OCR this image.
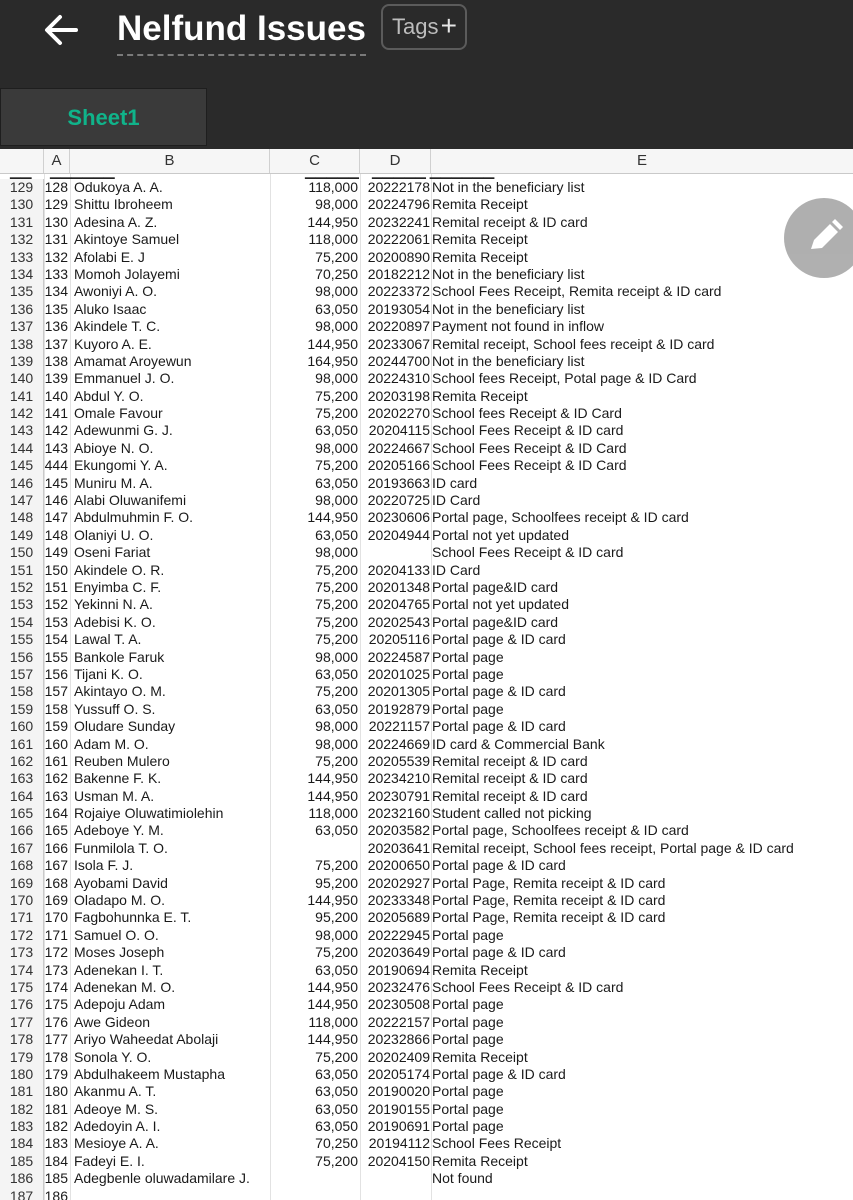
Nelfund Issues	Tags +
Sheet1
A	B	C	D	E
129 128 Odukoya A. A.	118,000 20222178 Not in the beneficiary list
130 129 Shittu Ibroheem	98,000 20224796 Remita Receipt
131 130 Adesina A. Z.	144,950 20232241 Remital receipt & ID card
132 131 Akintoye Samuel	118,000 20222061 Remita Receipt
133 132 Afolabi E. J	75,200 20200890 Remita Receipt
134 133 Momoh Jolayemi	70,250 20182212 Not in the beneficiary list
135 134 Awoniyi A. O.	98,000 20223372 School Fees Receipt, Remita receipt & ID card
136 135 Aluko Isaac	63,050 20193054 Not in the beneficiary list
137 136 Akindele T. C.	98,000 20220897 Payment not found in inflow
138 137 Kuyoro A. E.	144,950 20233067 Remital receipt, School fees receipt & ID card
139 138 Amamat Aroyewun	164,950 20244700 Not in the beneficiary list
140 139 Emmanuel J. O.	98,000 20224310 School fees Receipt, Potal page & ID Card
141 140 Abdul Y. O.	75,200 20203198 Remita Receipt
142 141 Omale Favour	75,200 20202270 School fees Receipt & ID Card
143 142 Adewunmi G. J.	63,050 20204115 School Fees Receipt & ID card
144 143 Abioye N. O.	98,000 20224667 School Fees Receipt & ID Card
145 444 Ekungomi Y. A.	75,200 20205166 School Fees Receipt & ID Card
146 145 Muniru M. A.	63,050 20193663 ID card
147 146 Alabi Oluwanifemi	98,000 20220725 ID Card
148 147 Abdulmuhmin F. O.	144,950 20230606 Portal page, Schoolfees receipt & ID card
149 148 Olaniyi U. O.	63,050 20204944 Portal not yet updated
150 149 Oseni Fariat	98,000	School Fees Receipt & ID card
151 150 Akindele O. R.	75,200 20204133 ID Card
152 151 Enyimba C. F.	75,200 20201348 Portal page&ID card
153 152 Yekinni N. A.	75,200 20204765 Portal not yet updated
154 153 Adebisi K. O.	75,200 20202543 Portal page&ID card
155 154 Lawal T. A.	75,200 20205116 Portal page & ID card
156 155 Bankole Faruk	98,000 20224587 Portal page
157 156 Tijani K. O.	63,050 20201025 Portal page
158 157 Akintayo O. M.	75,200 20201305 Portal page & ID card
159 158 Yussuff O. S.	63,050 20192879 Portal page
160 159 Oludare Sunday	98,000 20221157 Portal page & ID card
161 160 Adam M. O.	98,000 20224669 ID card & Commercial Bank
162 161 Reuben Mulero	75,200 20205539 Remital receipt & ID card
163 162 Bakenne F. K.	144,950 20234210 Remital receipt & ID card
164 163 Usman M. A.	144,950 20230791 Remital receipt & ID card
165 164 Rojaiye Oluwatimiolehin	118,000 20232160 Student called not picking
166 165 Adeboye Y. M.	63,050 20203582 Portal page, Schoolfees receipt & ID card
167 166 Funmilola T. O.	20203641 Remital receipt, School fees receipt, Portal page & ID card
168 167 Isola F. J.	75,200 20200650 Portal page & ID card
169 168 Ayobami David	95,200 20202927 Portal Page, Remita receipt & ID card
170 169 Oladapo M. O.	144,950 20233348 Portal Page, Remita receipt & ID card
171 170 Fagbohunnka E. T.	95,200 20205689 Portal Page, Remita receipt & ID card
172 171 Samuel O. O.	98,000 20222945 Portal page
173 172 Moses Joseph	75,200 20203649 Portal page & ID card
174 173 Adenekan I. T.	63,050 20190694 Remita Receipt
175 174 Adenekan M. O.	144,950 20232476 School Fees Receipt & ID card
176 175 Adepoju Adam	144,950 20230508 Portal page
177 176 Awe Gideon	118,000 20222157 Portal page
178 177 Ariyo Waheedat Abolaji	144,950 20232866 Portal page
179 178 Sonola Y. O.	75,200 20202409 Remita Receipt
180 179 Abdulhakeem Mustapha	63,050 20205174 Portal page & ID card
181 180 Akanmu A. T.	63,050 20190020 Portal page
182 181 Adeoye M. S.	63,050 20190155 Portal page
183 182 Adedoyin A. I.	63,050 20190691 Portal page
184 183 Mesioye A. A.	70,250 20194112 School Fees Receipt
185 184 Fadeyi E. I.	75,200 20204150 Remita Receipt
186 185 Adegbenle oluwadamilare J.	Not found
187 186
